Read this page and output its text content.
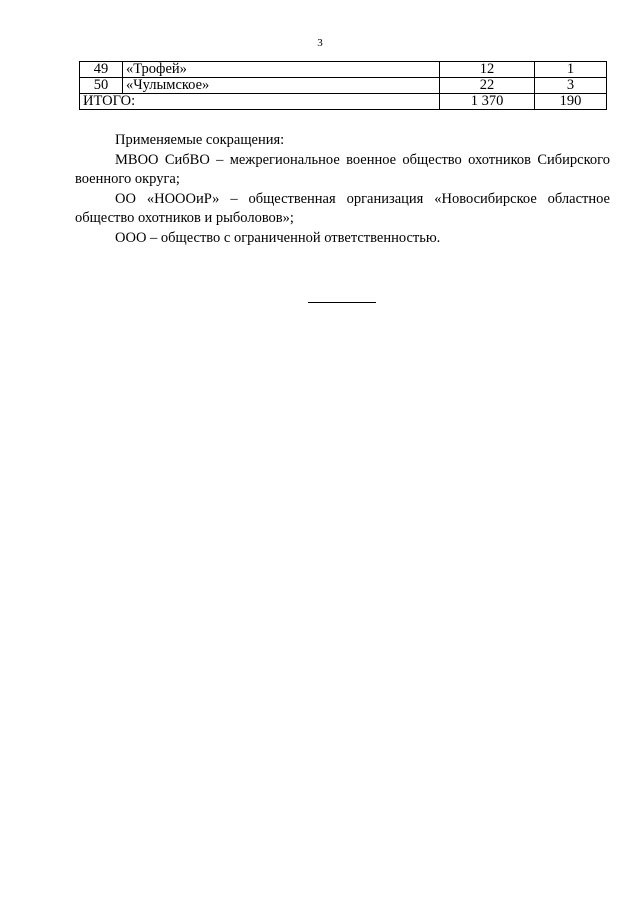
3
49	«Трофей»	12	1
50	«Чулымское»	22	3
ИТОГО:		1 370	190

Применяемые сокращения:

МВОО СибВО – межрегиональное военное общество охотников Сибирского военного округа;

ОО «НОООиР» – общественная организация «Новосибирское областное общество охотников и рыболовов»;

ООО – общество с ограниченной ответственностью.
